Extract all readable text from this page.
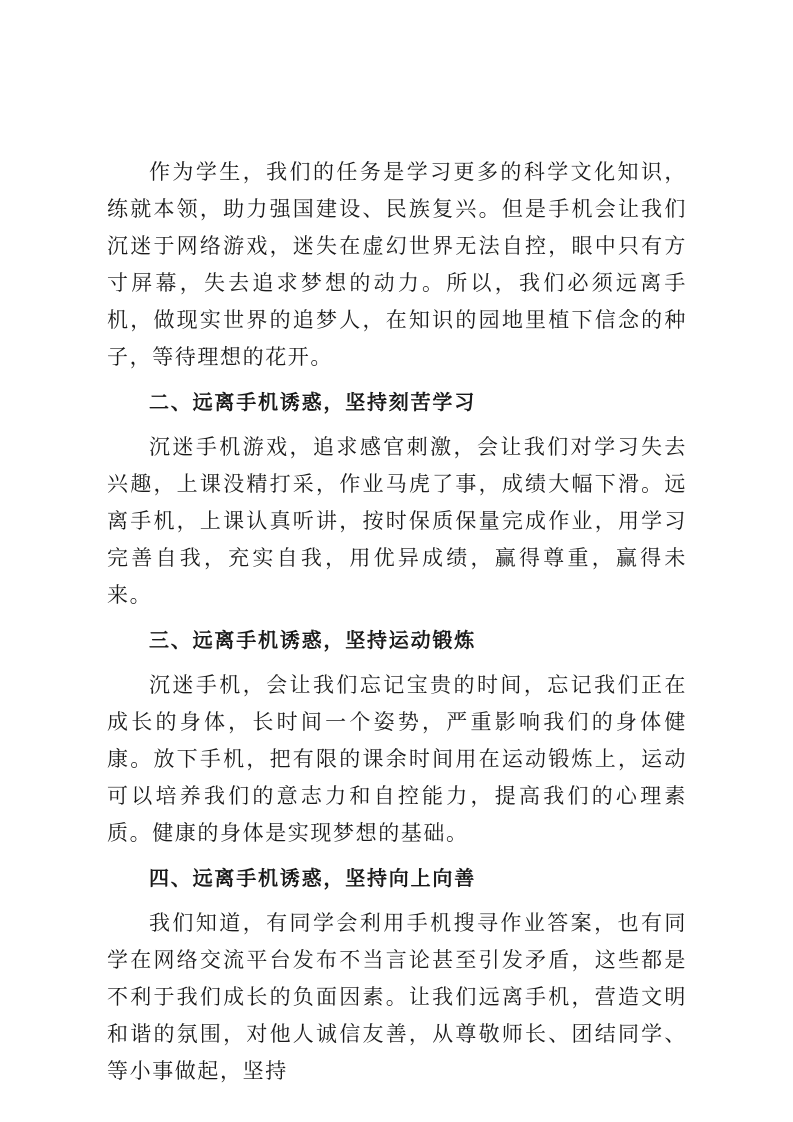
作为学生，我们的任务是学习更多的科学文化知识，练就本领，助力强国建设、民族复兴。但是手机会让我们沉迷于网络游戏，迷失在虚幻世界无法自控，眼中只有方寸屏幕，失去追求梦想的动力。所以，我们必须远离手机，做现实世界的追梦人，在知识的园地里植下信念的种子，等待理想的花开。

二、远离手机诱惑，坚持刻苦学习

沉迷手机游戏，追求感官刺激，会让我们对学习失去兴趣，上课没精打采，作业马虎了事，成绩大幅下滑。远离手机，上课认真听讲，按时保质保量完成作业，用学习完善自我，充实自我，用优异成绩，赢得尊重，赢得未来。

三、远离手机诱惑，坚持运动锻炼

沉迷手机，会让我们忘记宝贵的时间，忘记我们正在成长的身体，长时间一个姿势，严重影响我们的身体健康。放下手机，把有限的课余时间用在运动锻炼上，运动可以培养我们的意志力和自控能力，提高我们的心理素质。健康的身体是实现梦想的基础。

四、远离手机诱惑，坚持向上向善

我们知道，有同学会利用手机搜寻作业答案，也有同学在网络交流平台发布不当言论甚至引发矛盾，这些都是不利于我们成长的负面因素。让我们远离手机，营造文明和谐的氛围，对他人诚信友善，从尊敬师长、团结同学、等小事做起，坚持
